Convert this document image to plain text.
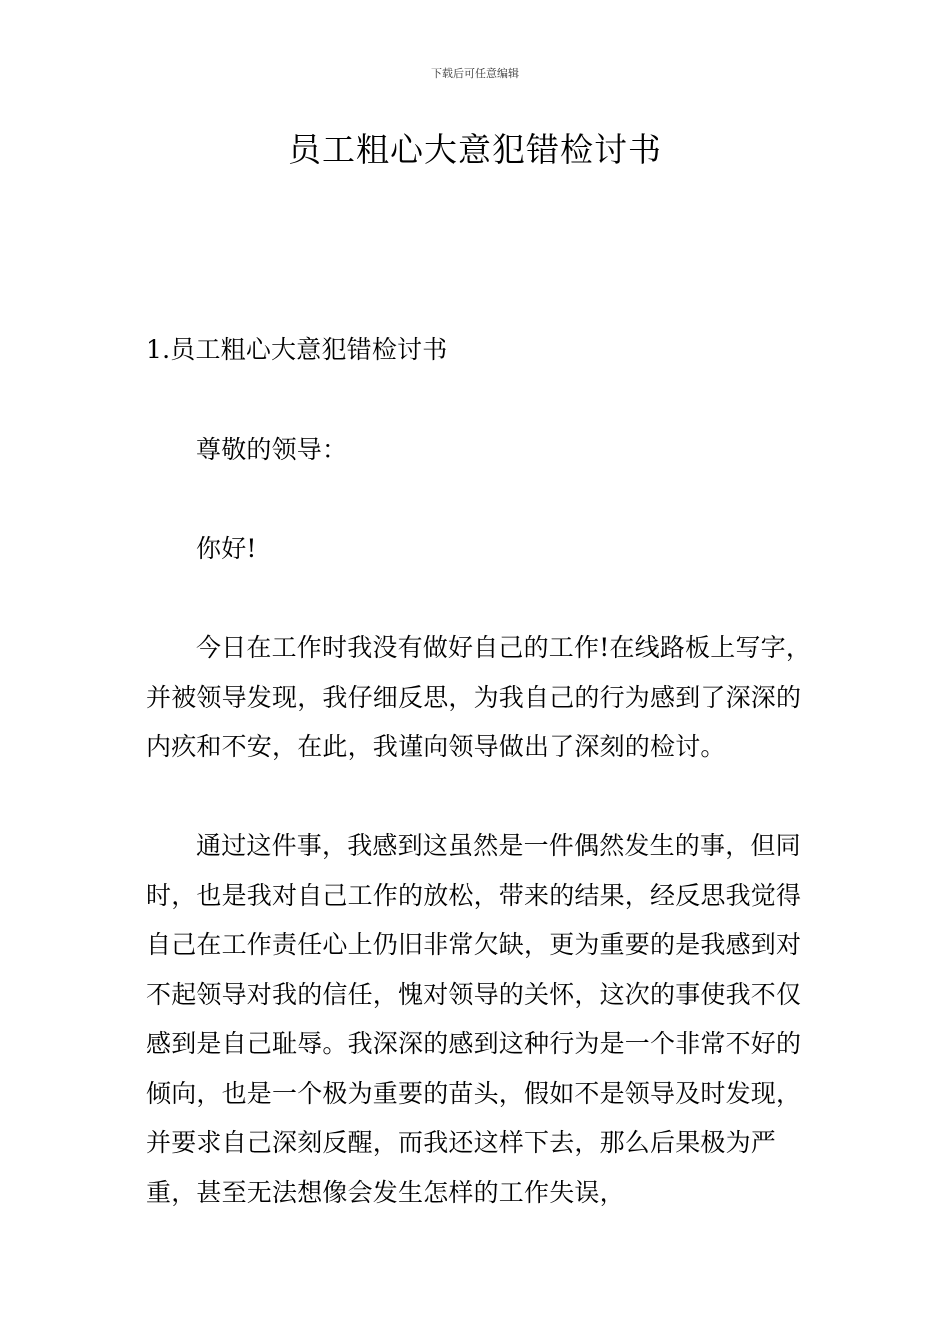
下载后可任意编辑
员工粗心大意犯错检讨书

1.员工粗心大意犯错检讨书

尊敬的领导：

你好!

今日在工作时我没有做好自己的工作!在线路板上写字，并被领导发现，我仔细反思，为我自己的行为感到了深深的内疚和不安，在此，我谨向领导做出了深刻的检讨。

通过这件事，我感到这虽然是一件偶然发生的事，但同时，也是我对自己工作的放松，带来的结果，经反思我觉得自己在工作责任心上仍旧非常欠缺，更为重要的是我感到对不起领导对我的信任，愧对领导的关怀，这次的事使我不仅感到是自己耻辱。我深深的感到这种行为是一个非常不好的倾向，也是一个极为重要的苗头，假如不是领导及时发现，并要求自己深刻反醒，而我还这样下去，那么后果极为严重，甚至无法想像会发生怎样的工作失误，
